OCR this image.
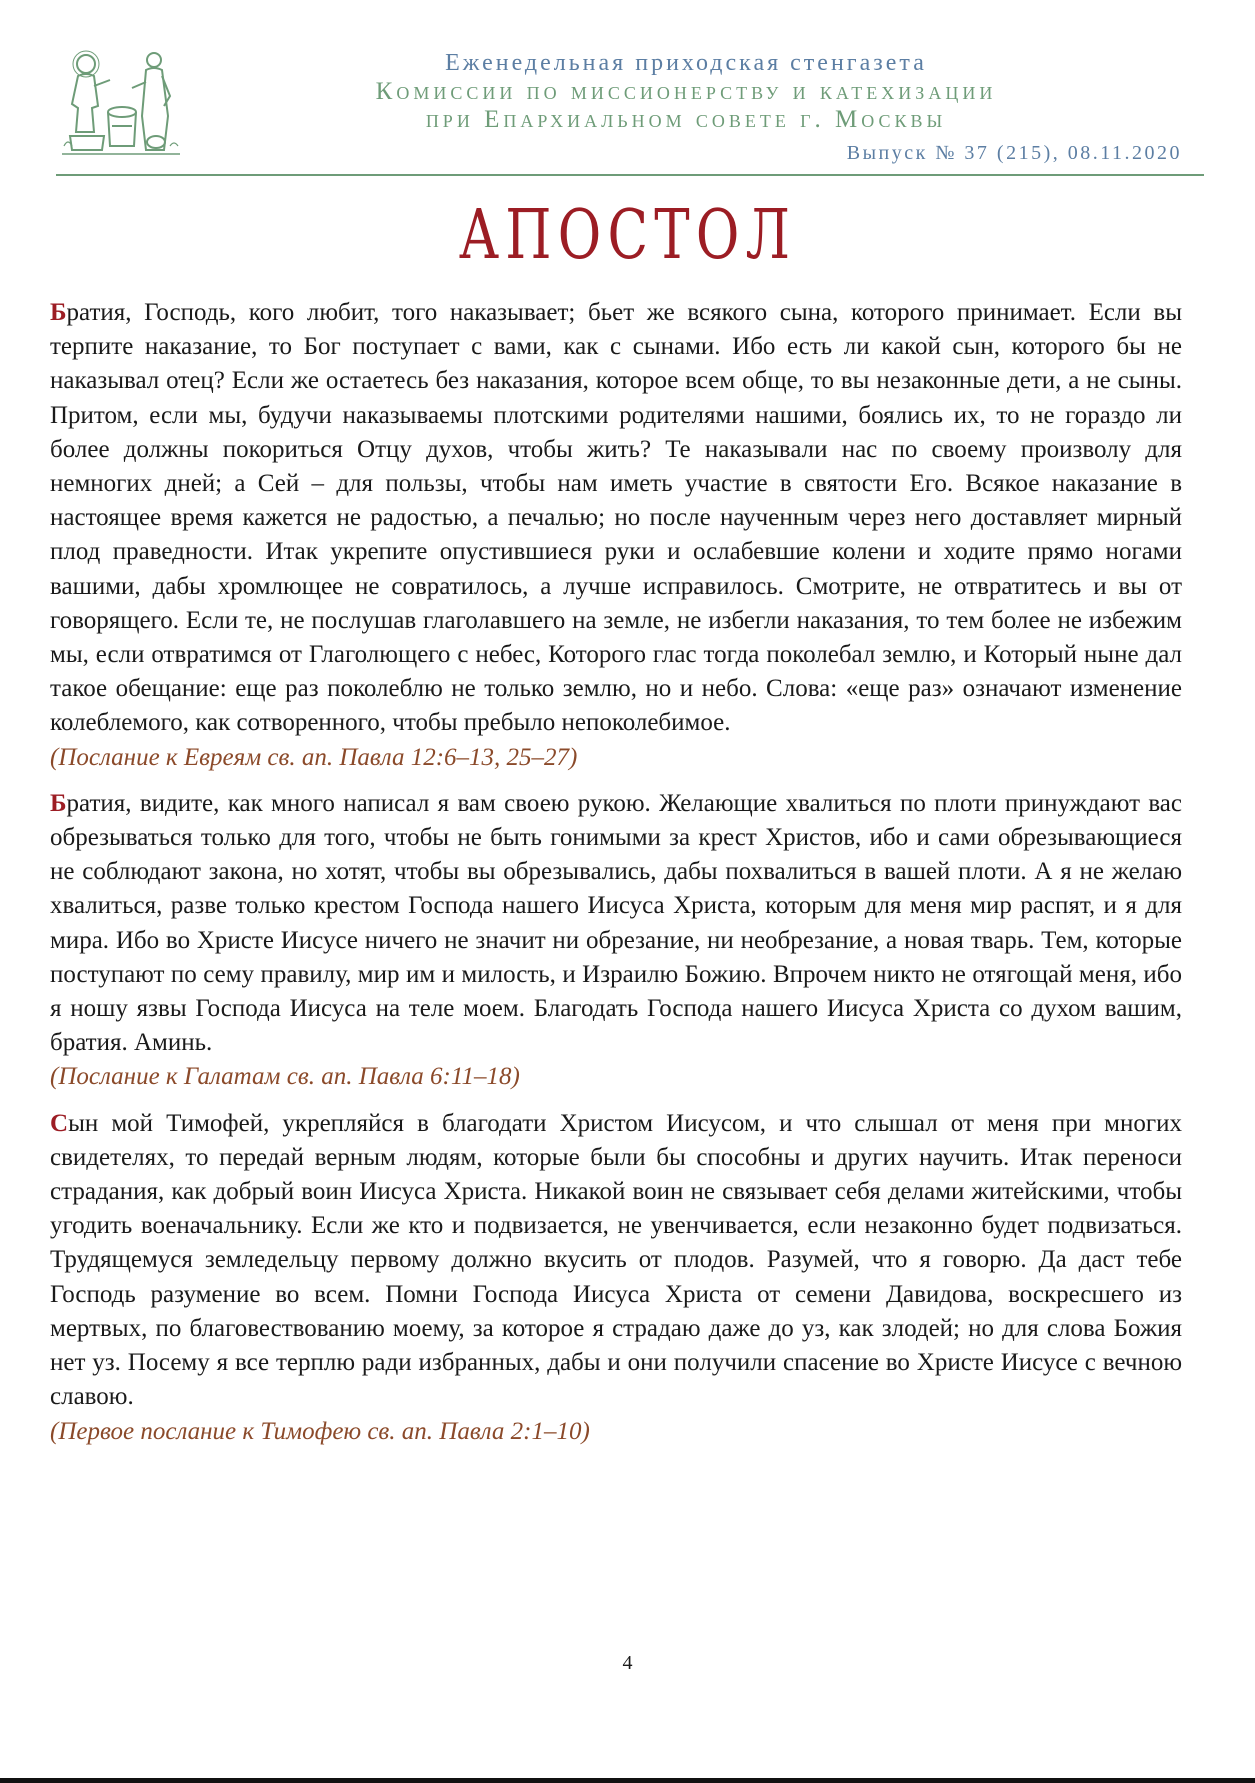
Еженедельная приходская стенгазета
Комиссии по миссионерству и катехизации
при Епархиальном совете г. Москвы
Выпуск № 37 (215), 08.11.2020
АПОСТОЛ

Братия, Господь, кого любит, того наказывает; бьет же всякого сына, которого принимает. Если вы терпите наказание, то Бог поступает с вами, как с сынами. Ибо есть ли какой сын, которого бы не наказывал отец? Если же остаетесь без наказания, которое всем обще, то вы незаконные дети, а не сыны. Притом, если мы, будучи наказываемы плотскими родителями нашими, боялись их, то не гораздо ли более должны покориться Отцу духов, чтобы жить? Те наказывали нас по своему произволу для немногих дней; а Сей – для пользы, чтобы нам иметь участие в святости Его. Всякое наказание в настоящее время кажется не радостью, а печалью; но после наученным через него доставляет мирный плод праведности. Итак укрепите опустившиеся руки и ослабевшие колени и ходите прямо ногами вашими, дабы хромлющее не совратилось, а лучше исправилось. Смотрите, не отвратитесь и вы от говорящего. Если те, не послушав глаголавшего на земле, не избегли наказания, то тем более не избежим мы, если отвратимся от Глаголющего с небес, Которого глас тогда поколебал землю, и Который ныне дал такое обещание: еще раз поколеблю не только землю, но и небо. Слова: «еще раз» означают изменение колеблемого, как сотворенного, чтобы пребыло непоколебимое.

(Послание к Евреям св. ап. Павла 12:6–13, 25–27)

Братия, видите, как много написал я вам своею рукою. Желающие хвалиться по плоти принуждают вас обрезываться только для того, чтобы не быть гонимыми за крест Христов, ибо и сами обрезывающиеся не соблюдают закона, но хотят, чтобы вы обрезывались, дабы похвалиться в вашей плоти. А я не желаю хвалиться, разве только крестом Господа нашего Иисуса Христа, которым для меня мир распят, и я для мира. Ибо во Христе Иисусе ничего не значит ни обрезание, ни необрезание, а новая тварь. Тем, которые поступают по сему правилу, мир им и милость, и Израилю Божию. Впрочем никто не отягощай меня, ибо я ношу язвы Господа Иисуса на теле моем. Благодать Господа нашего Иисуса Христа со духом вашим, братия. Аминь.

(Послание к Галатам св. ап. Павла 6:11–18)

Сын мой Тимофей, укрепляйся в благодати Христом Иисусом, и что слышал от меня при многих свидетелях, то передай верным людям, которые были бы способны и других научить. Итак переноси страдания, как добрый воин Иисуса Христа. Никакой воин не связывает себя делами житейскими, чтобы угодить военачальнику. Если же кто и подвизается, не увенчивается, если незаконно будет подвизаться. Трудящемуся земледельцу первому должно вкусить от плодов. Разумей, что я говорю. Да даст тебе Господь разумение во всем. Помни Господа Иисуса Христа от семени Давидова, воскресшего из мертвых, по благовествованию моему, за которое я страдаю даже до уз, как злодей; но для слова Божия нет уз. Посему я все терплю ради избранных, дабы и они получили спасение во Христе Иисусе с вечною славою.

(Первое послание к Тимофею св. ап. Павла 2:1–10)

4
